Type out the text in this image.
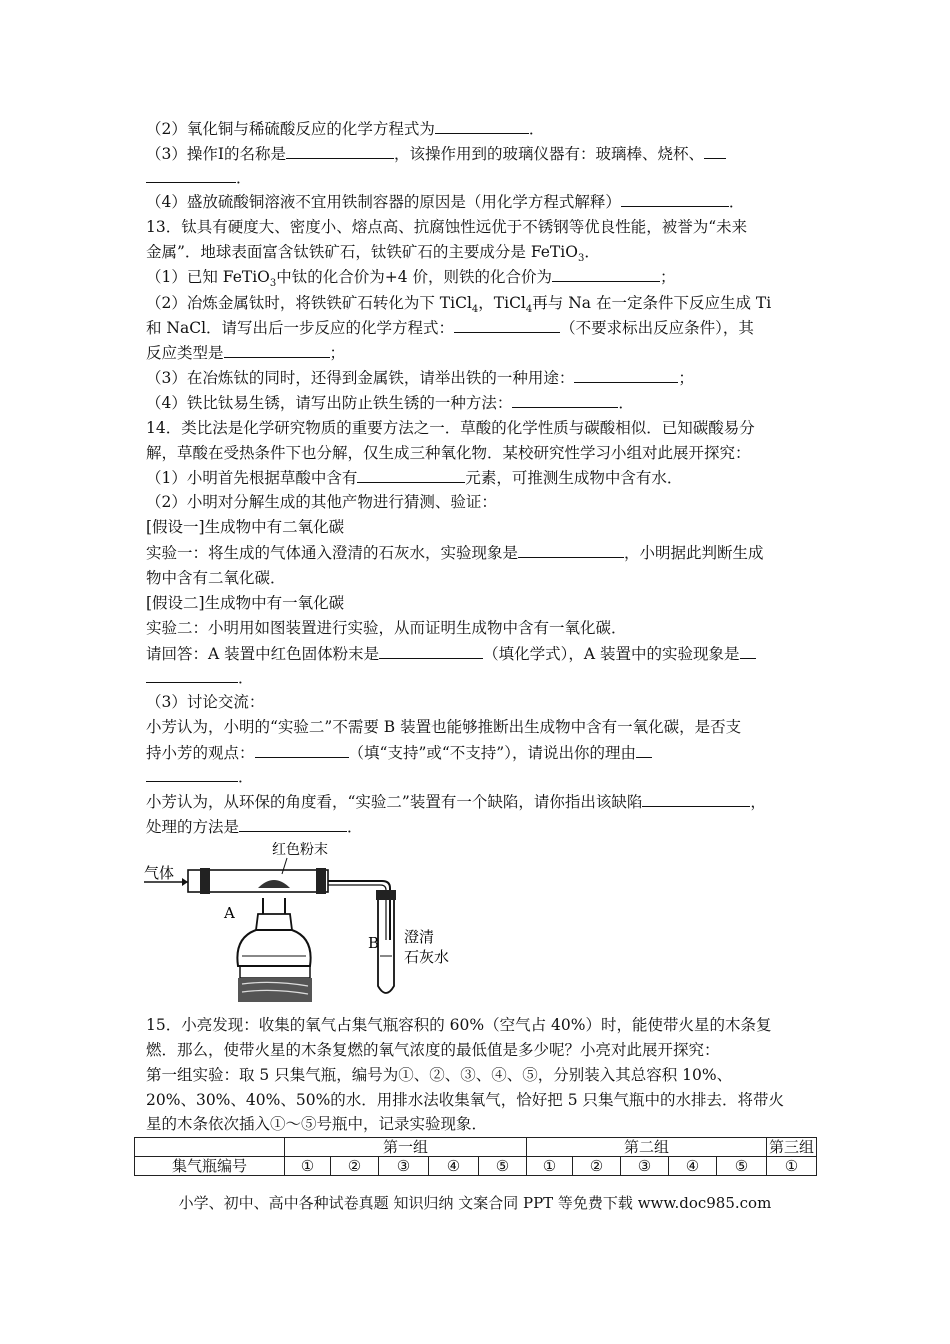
（2）氧化铜与稀硫酸反应的化学方程式为	．
（3）操作Ⅰ的名称是	，该操作用到的玻璃仪器有：玻璃棒、烧杯、
．
（4）盛放硫酸铜溶液不宜用铁制容器的原因是（用化学方程式解释）	．
13．钛具有硬度大、密度小、熔点高、抗腐蚀性远优于不锈钢等优良性能，被誉为“未来
金属”．地球表面富含钛铁矿石，钛铁矿石的主要成分是 FeTiO$_3$．
（1）已知 FeTiO$_3$中钛的化合价为+4 价，则铁的化合价为	；
（2）冶炼金属钛时，将铁铁矿石转化为下 TiCl$_4$，TiCl$_4$再与 Na 在一定条件下反应生成 Ti
和 NaCl．请写出后一步反应的化学方程式：	（不要求标出反应条件），其
反应类型是	；
（3）在冶炼钛的同时，还得到金属铁，请举出铁的一种用途：	；
（4）铁比钛易生锈，请写出防止铁生锈的一种方法：	．
14．类比法是化学研究物质的重要方法之一．草酸的化学性质与碳酸相似．已知碳酸易分
解，草酸在受热条件下也分解，仅生成三种氧化物．某校研究性学习小组对此展开探究：
（1）小明首先根据草酸中含有	元素，可推测生成物中含有水．
（2）小明对分解生成的其他产物进行猜测、验证：
[假设一]生成物中有二氧化碳
实验一：将生成的气体通入澄清的石灰水，实验现象是	，小明据此判断生成
物中含有二氧化碳．
[假设二]生成物中有一氧化碳
实验二：小明用如图装置进行实验，从而证明生成物中含有一氧化碳．
请回答：A 装置中红色固体粉末是	（填化学式），A 装置中的实验现象是
．
（3）讨论交流：
小芳认为，小明的“实验二”不需要 B 装置也能够推断出生成物中含有一氧化碳，是否支
持小芳的观点：	（填“支持”或“不支持”），请说出你的理由
．
小芳认为，从环保的角度看，“实验二”装置有一个缺陷，请你指出该缺陷	，
处理的方法是	．
气体
红色粉末
A
B 澄清
石灰水
15．小亮发现：收集的氧气占集气瓶容积的 60%（空气占 40%）时，能使带火星的木条复
燃．那么，使带火星的木条复燃的氧气浓度的最低值是多少呢？小亮对此展开探究：
第一组实验：取 5 只集气瓶，编号为①、②、③、④、⑤，分别装入其总容积 10%、
20%、30%、40%、50%的水．用排水法收集氧气，恰好把 5 只集气瓶中的水排去．将带火
星的木条依次插入①～⑤号瓶中，记录实验现象．
	第一组					第二组					第三组
集气瓶编号	①	②	③	④	⑤	①	②	③	④	⑤	①
小学、初中、高中各种试卷真题 知识归纳 文案合同 PPT 等免费下载 www.doc985.com
